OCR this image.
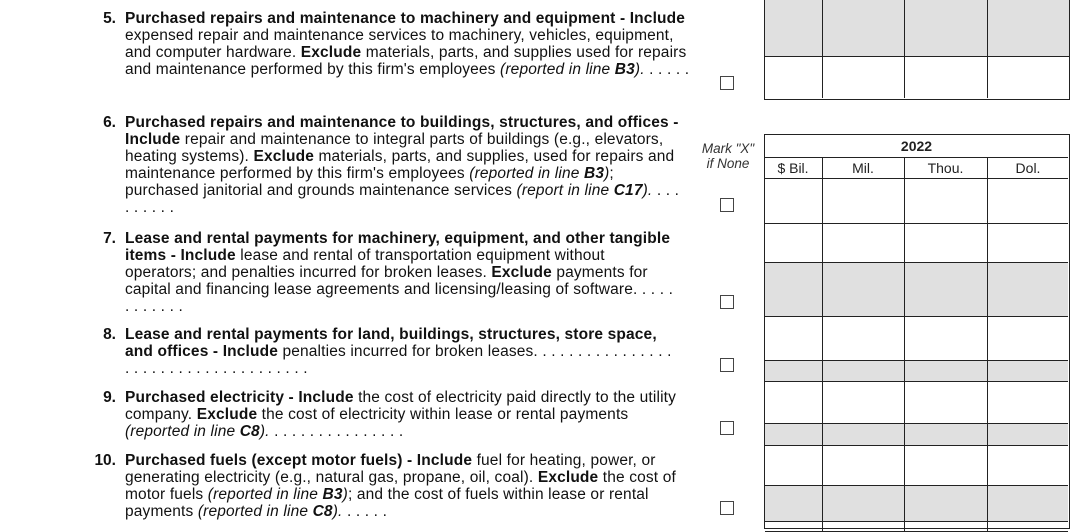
5. Purchased repairs and maintenance to machinery and equipment - Include expensed repair and maintenance services to machinery, vehicles, equipment, and computer hardware. Exclude materials, parts, and supplies used for repairs and maintenance performed by this firm's employees (reported in line B3). . . . . .
6. Purchased repairs and maintenance to buildings, structures, and offices - Include repair and maintenance to integral parts of buildings (e.g., elevators, heating systems). Exclude materials, parts, and supplies, used for repairs and maintenance performed by this firm's employees (reported in line B3); purchased janitorial and grounds maintenance services (report in line C17). . . . . . . . . .
7. Lease and rental payments for machinery, equipment, and other tangible items - Include lease and rental of transportation equipment without operators; and penalties incurred for broken leases. Exclude payments for capital and financing lease agreements and licensing/leasing of software. . . . . . . . . . . .
8. Lease and rental payments for land, buildings, structures, store space, and offices - Include penalties incurred for broken leases. . . . . . . . . . . . . . . . . . . . . . . . . . . . . . . . . . . . .
9. Purchased electricity - Include the cost of electricity paid directly to the utility company. Exclude the cost of electricity within lease or rental payments (reported in line C8). . . . . . . . . . . . . . . .
10. Purchased fuels (except motor fuels) - Include fuel for heating, power, or generating electricity (e.g., natural gas, propane, oil, coal). Exclude the cost of motor fuels (reported in line B3); and the cost of fuels within lease or rental payments (reported in line C8). . . . . .
Mark "X"
if None
2022
$ Bil.	Mil.	Thou.	Dol.
